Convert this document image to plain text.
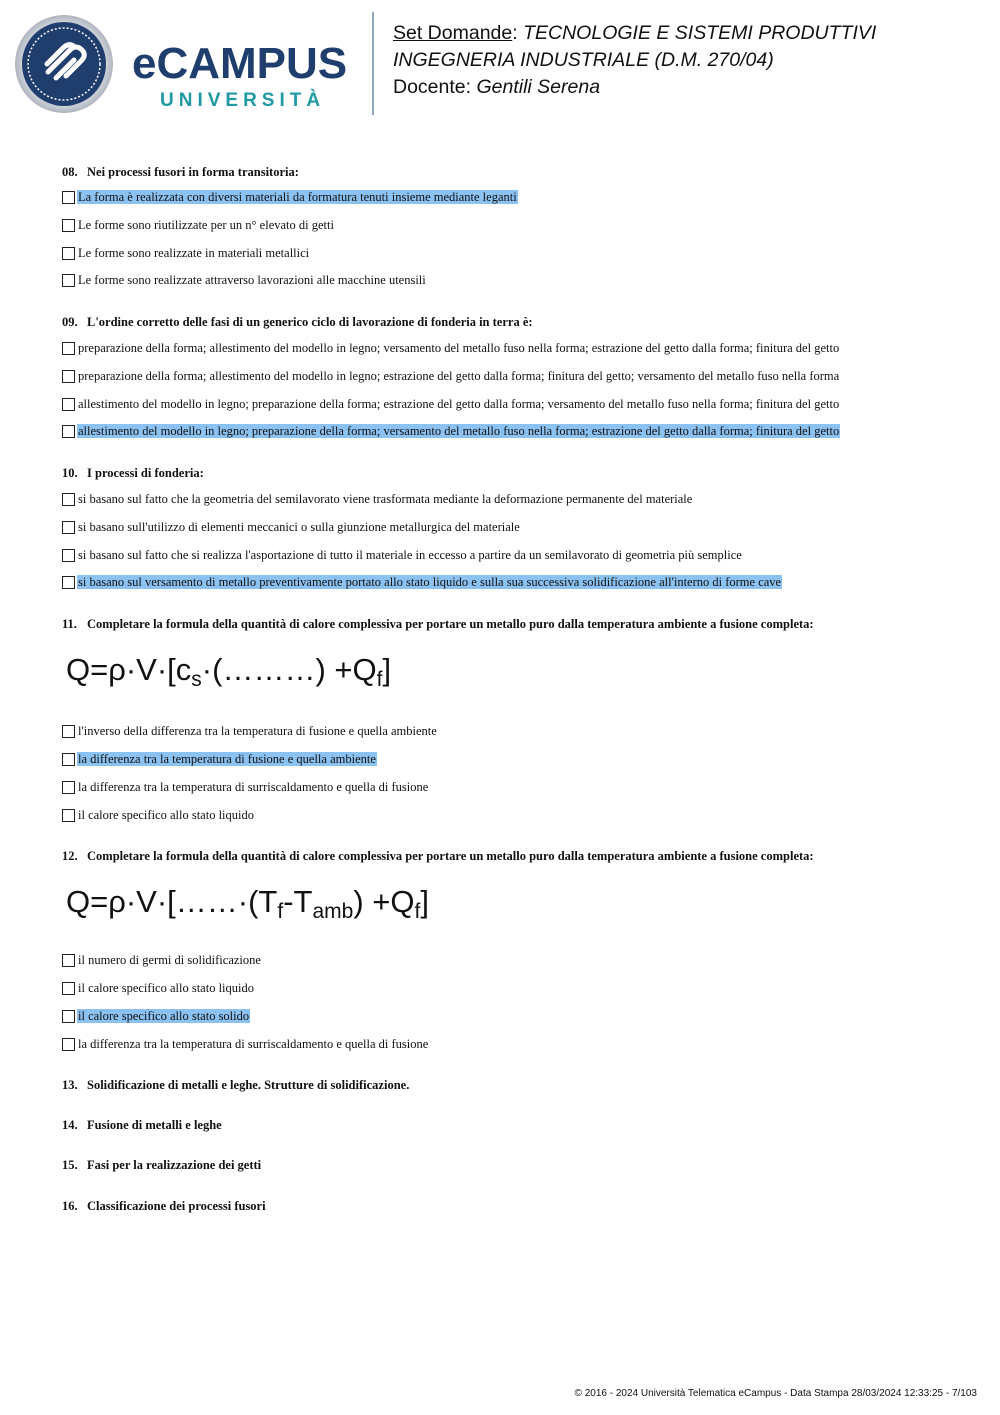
eCAMPUS
UNIVERSITÀ
Set Domande: TECNOLOGIE E SISTEMI PRODUTTIVI
INGEGNERIA INDUSTRIALE (D.M. 270/04)
Docente: Gentili Serena
08. Nei processi fusori in forma transitoria:
La forma è realizzata con diversi materiali da formatura tenuti insieme mediante leganti
Le forme sono riutilizzate per un n° elevato di getti
Le forme sono realizzate in materiali metallici
Le forme sono realizzate attraverso lavorazioni alle macchine utensili
09. L'ordine corretto delle fasi di un generico ciclo di lavorazione di fonderia in terra è:
preparazione della forma; allestimento del modello in legno; versamento del metallo fuso nella forma; estrazione del getto dalla forma; finitura del getto
preparazione della forma; allestimento del modello in legno; estrazione del getto dalla forma; finitura del getto; versamento del metallo fuso nella forma
allestimento del modello in legno; preparazione della forma; estrazione del getto dalla forma; versamento del metallo fuso nella forma; finitura del getto
allestimento del modello in legno; preparazione della forma; versamento del metallo fuso nella forma; estrazione del getto dalla forma; finitura del getto
10. I processi di fonderia:
si basano sul fatto che la geometria del semilavorato viene trasformata mediante la deformazione permanente del materiale
si basano sull'utilizzo di elementi meccanici o sulla giunzione metallurgica del materiale
si basano sul fatto che si realizza l'asportazione di tutto il materiale in eccesso a partire da un semilavorato di geometria più semplice
si basano sul versamento di metallo preventivamente portato allo stato liquido e sulla sua successiva solidificazione all'interno di forme cave
11. Completare la formula della quantità di calore complessiva per portare un metallo puro dalla temperatura ambiente a fusione completa:
$Q=\rho\cdot V\cdot[c_s\cdot(\dots\dots\dots) +Q_f]$
l'inverso della differenza tra la temperatura di fusione e quella ambiente
la differenza tra la temperatura di fusione e quella ambiente
la differenza tra la temperatura di surriscaldamento e quella di fusione
il calore specifico allo stato liquido
12. Completare la formula della quantità di calore complessiva per portare un metallo puro dalla temperatura ambiente a fusione completa:
$Q=\rho\cdot V\cdot[\dots\dots\cdot(T_f-T_{amb}) +Q_f]$
il numero di germi di solidificazione
il calore specifico allo stato liquido
il calore specifico allo stato solido
la differenza tra la temperatura di surriscaldamento e quella di fusione
13. Solidificazione di metalli e leghe. Strutture di solidificazione.
14. Fusione di metalli e leghe
15. Fasi per la realizzazione dei getti
16. Classificazione dei processi fusori
© 2016 - 2024 Università Telematica eCampus - Data Stampa 28/03/2024 12:33:25 - 7/103
